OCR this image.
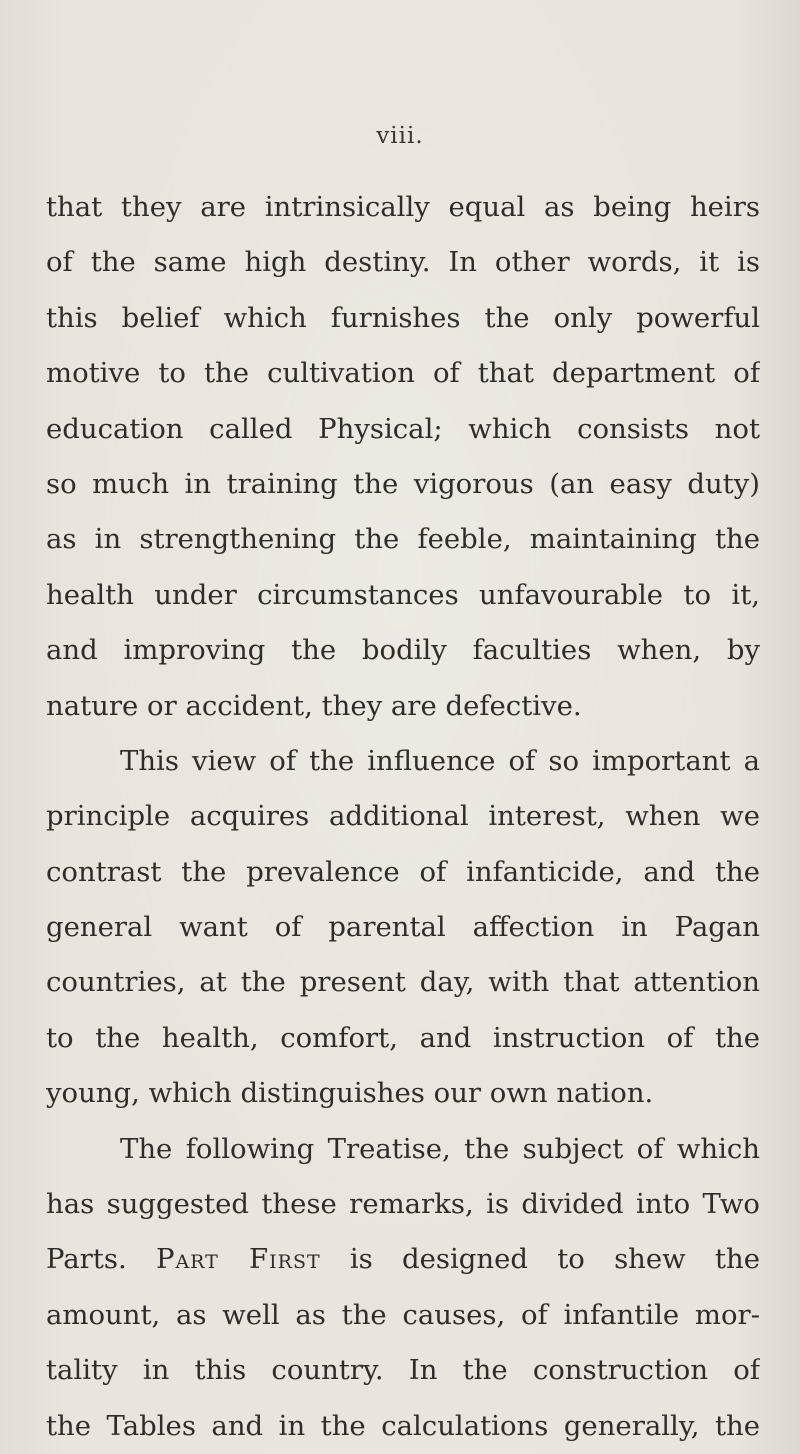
viii.
that they are intrinsically equal as being heirs
of the same high destiny. In other words, it is
this belief which furnishes the only powerful
motive to the cultivation of that department of
education called Physical; which consists not
so much in training the vigorous (an easy duty)
as in strengthening the feeble, maintaining the
health under circumstances unfavourable to it,
and improving the bodily faculties when, by
nature or accident, they are defective.
This view of the influence of so important a
principle acquires additional interest, when we
contrast the prevalence of infanticide, and the
general want of parental affection in Pagan
countries, at the present day, with that attention
to the health, comfort, and instruction of the
young, which distinguishes our own nation.
The following Treatise, the subject of which
has suggested these remarks, is divided into Two
Parts. Part First is designed to shew the
amount, as well as the causes, of infantile mor-
tality in this country. In the construction of
the Tables and in the calculations generally, the
